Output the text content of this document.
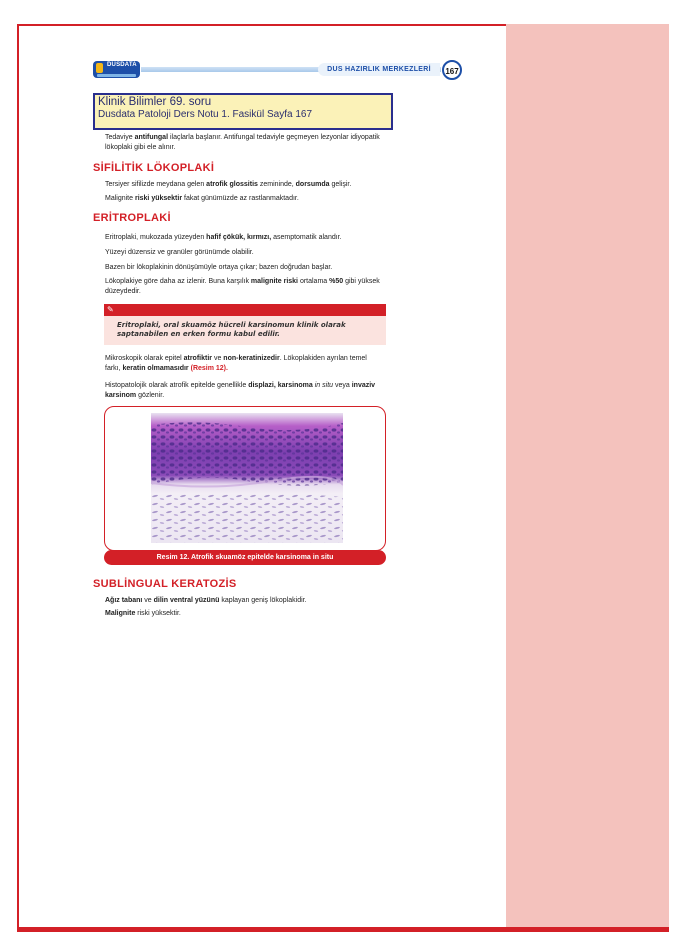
DUSDATA
DUS HAZIRLIK MERKEZLERİ	167
Tedaviye antifungal ilaçlarla başlanır. Antifungal tedaviyle geçmeyen lezyonlar idiyopatik
lökoplaki gibi ele alınır.
Klinik Bilimler 69. soru
Dusdata Patoloji Ders Notu 1. Fasikül Sayfa 167
SİFİLİTİK LÖKOPLAKİ
Tersiyer sifilizde meydana gelen atrofik glossitis zemininde, dorsumda gelişir.
Malignite riski yüksektir fakat günümüzde az rastlanmaktadır.
ERİTROPLAKİ
Eritroplaki, mukozada yüzeyden hafif çökük, kırmızı, asemptomatik alandır.
Yüzeyi düzensiz ve granüler görünümde olabilir.
Bazen bir lökoplakinin dönüşümüyle ortaya çıkar; bazen doğrudan başlar.
Lökoplakiye göre daha az izlenir. Buna karşılık malignite riski ortalama %50 gibi yüksek
düzeydedir.
✎
Eritroplaki, oral skuamöz hücreli karsinomun klinik olarak saptanabilen en erken formu kabul edilir.
Mikroskopik olarak epitel atrofiktir ve non-keratinizedir. Lökoplakiden ayrılan temel
farkı, keratin olmamasıdır (Resim 12).
Histopatolojik olarak atrofik epitelde genellikle displazi, karsinoma in situ veya invaziv
karsinom gözlenir.
Resim 12. Atrofik skuamöz epitelde karsinoma in situ
SUBLİNGUAL KERATOZİS
Ağız tabanı ve dilin ventral yüzünü kaplayan geniş lökoplakidir.
Malignite riski yüksektir.
